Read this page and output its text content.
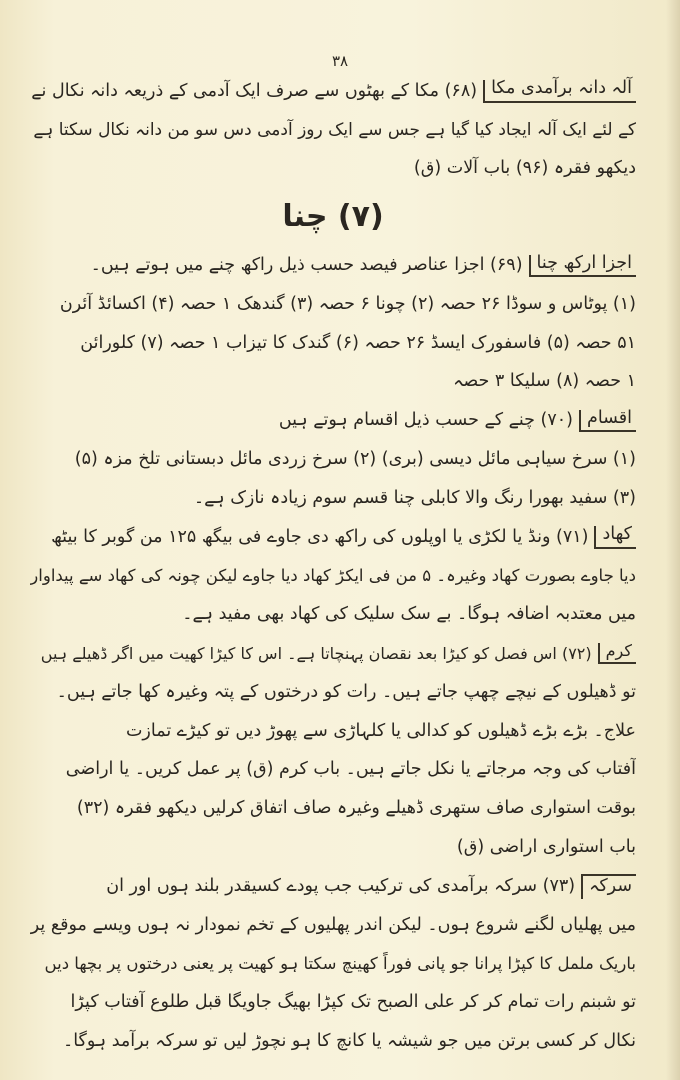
۳۸
آلہ دانہ برآمدی مکا
(۶۸) مکا کے بھٹوں سے صرف ایک آدمی کے ذریعہ دانہ نکال نے
کے لئے ایک آلہ ایجاد کیا گیا ہے جس سے ایک روز آدمی دس سو من دانہ نکال سکتا ہے
دیکھو فقرہ (۹۶) باب آلات (ق)
(۷) چنا
اجزا ارکھ چنا
(۶۹) اجزا عناصر فیصد حسب ذیل راکھ چنے میں ہوتے ہیں۔
(۱) پوٹاس و سوڈا ۲۶ حصہ (۲) چونا ۶ حصہ (۳) گندھک ۱ حصہ (۴) اکسائڈ آئرن
۵۱ حصہ (۵) فاسفورک ایسڈ ۲۶ حصہ (۶) گندک کا تیزاب ۱ حصہ (۷) کلورائن
۱ حصہ (۸) سلیکا ۳ حصہ
اقسام
(۷۰) چنے کے حسب ذیل اقسام ہوتے ہیں
(۱) سرخ سیاہی مائل دیسی (بری) (۲) سرخ زردی مائل دبستانی تلخ مزہ (۵)
(۳) سفید بھورا رنگ والا کابلی چنا قسم سوم زیادہ نازک ہے۔
کھاد
(۷۱) ونڈ یا لکڑی یا اوپلوں کی راکھ دی جاوے فی بیگھ ۱۲۵ من گوبر کا بیٹھ
دیا جاوے بصورت کھاد وغیرہ۔ ۵ من فی ایکڑ کھاد دیا جاوے لیکن چونہ کی کھاد سے پیداوار
میں معتدبہ اضافہ ہوگا۔ بے سک سلیک کی کھاد بھی مفید ہے۔
کرم
(۷۲) اس فصل کو کیڑا بعد نقصان پہنچاتا ہے۔ اس کا کیڑا کھیت میں اگر ڈھیلے ہیں
تو ڈھیلوں کے نیچے چھپ جاتے ہیں۔ رات کو درختوں کے پتہ وغیرہ کھا جاتے ہیں۔
علاج۔ بڑے بڑے ڈھیلوں کو کدالی یا کلہاڑی سے پھوڑ دیں تو کیڑے تمازت
آفتاب کی وجہ مرجاتے یا نکل جاتے ہیں۔ باب کرم (ق) پر عمل کریں۔ یا اراضی
بوقت استواری صاف ستھری ڈھیلے وغیرہ صاف اتفاق کرلیں دیکھو فقرہ (۳۲)
باب استواری اراضی (ق)
سرکہ
(۷۳) سرکہ برآمدی کی ترکیب جب پودے کسیقدر بلند ہوں اور ان
میں پھلیاں لگنے شروع ہوں۔ لیکن اندر پھلیوں کے تخم نمودار نہ ہوں ویسے موقع پر
باریک ململ کا کپڑا پرانا جو پانی فوراً کھینچ سکتا ہو کھیت پر یعنی درختوں پر بچھا دیں
تو شبنم رات تمام کر کر علی الصبح تک کپڑا بھیگ جاویگا قبل طلوع آفتاب کپڑا
نکال کر کسی برتن میں جو شیشہ یا کانچ کا ہو نچوڑ لیں تو سرکہ برآمد ہوگا۔
